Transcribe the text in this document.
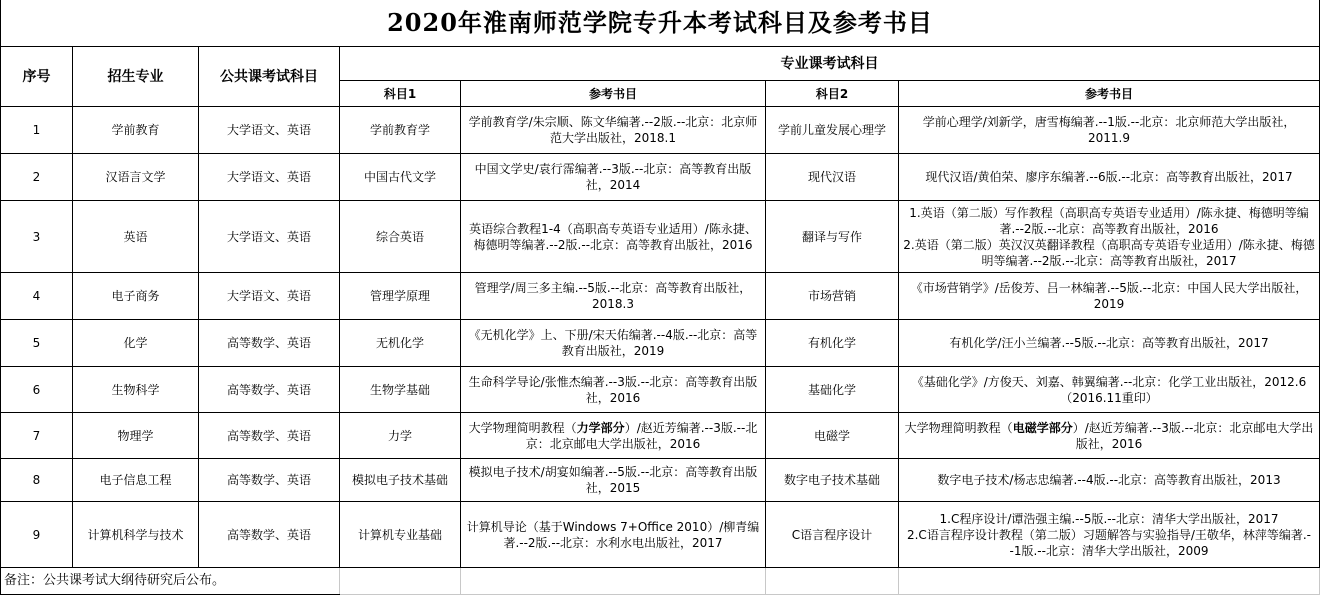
2020年淮南师范学院专升本考试科目及参考书目						
序号	招生专业	公共课考试科目	专业课考试科目			
			科目1	参考书目	科目2	参考书目
1	学前教育	大学语文、英语	学前教育学	学前教育学/朱宗顺、陈文华编著.--2版.--北京：北京师范大学出版社，2018.1	学前儿童发展心理学	学前心理学/刘新学，唐雪梅编著.--1版.--北京：北京师范大学出版社，2011.9
2	汉语言文学	大学语文、英语	中国古代文学	中国文学史/袁行霈编著.--3版.--北京：高等教育出版社，2014	现代汉语	现代汉语/黄伯荣、廖序东编著.--6版.--北京：高等教育出版社，2017
3	英语	大学语文、英语	综合英语	英语综合教程1-4（高职高专英语专业适用）/陈永捷、梅德明等编著.--2版.--北京：高等教育出版社，2016	翻译与写作	1.英语（第二版）写作教程（高职高专英语专业适用）/陈永捷、梅德明等编著.--2版.--北京：高等教育出版社，2016
2.英语（第二版）英汉汉英翻译教程（高职高专英语专业适用）/陈永捷、梅德明等编著.--2版.--北京：高等教育出版社，2017

4	电子商务	大学语文、英语	管理学原理	管理学/周三多主编.--5版.--北京：高等教育出版社，2018.3	市场营销	《市场营销学》/岳俊芳、吕一林编著.--5版.--北京：中国人民大学出版社，2019
5	化学	高等数学、英语	无机化学	《无机化学》上、下册/宋天佑编著.--4版.--北京：高等教育出版社，2019	有机化学	有机化学/汪小兰编著.--5版.--北京：高等教育出版社，2017
6	生物科学	高等数学、英语	生物学基础	生命科学导论/张惟杰编著.--3版.--北京：高等教育出版社，2016	基础化学	《基础化学》/方俊天、刘嘉、韩翼编著.--北京：化学工业出版社，2012.6（2016.11重印）
7	物理学	高等数学、英语	力学	大学物理简明教程（力学部分）/赵近芳编著.--3版.--北京：北京邮电大学出版社，2016	电磁学	大学物理简明教程（电磁学部分）/赵近芳编著.--3版.--北京：北京邮电大学出版社，2016
8	电子信息工程	高等数学、英语	模拟电子技术基础	模拟电子技术/胡宴如编著.--5版.--北京：高等教育出版社，2015	数字电子技术基础	数字电子技术/杨志忠编著.--4版.--北京：高等教育出版社，2013
9	计算机科学与技术	高等数学、英语	计算机专业基础	计算机导论（基于Windows 7+Office 2010）/柳青编著.--2版.--北京：水利水电出版社，2017	C语言程序设计	1.C程序设计/谭浩强主编.--5版.--北京：清华大学出版社，2017
2.C语言程序设计教程（第二版）习题解答与实验指导/王敬华，林萍等编著.--1版.--北京：清华大学出版社，2009

备注：公共课考试大纲待研究后公布。						
